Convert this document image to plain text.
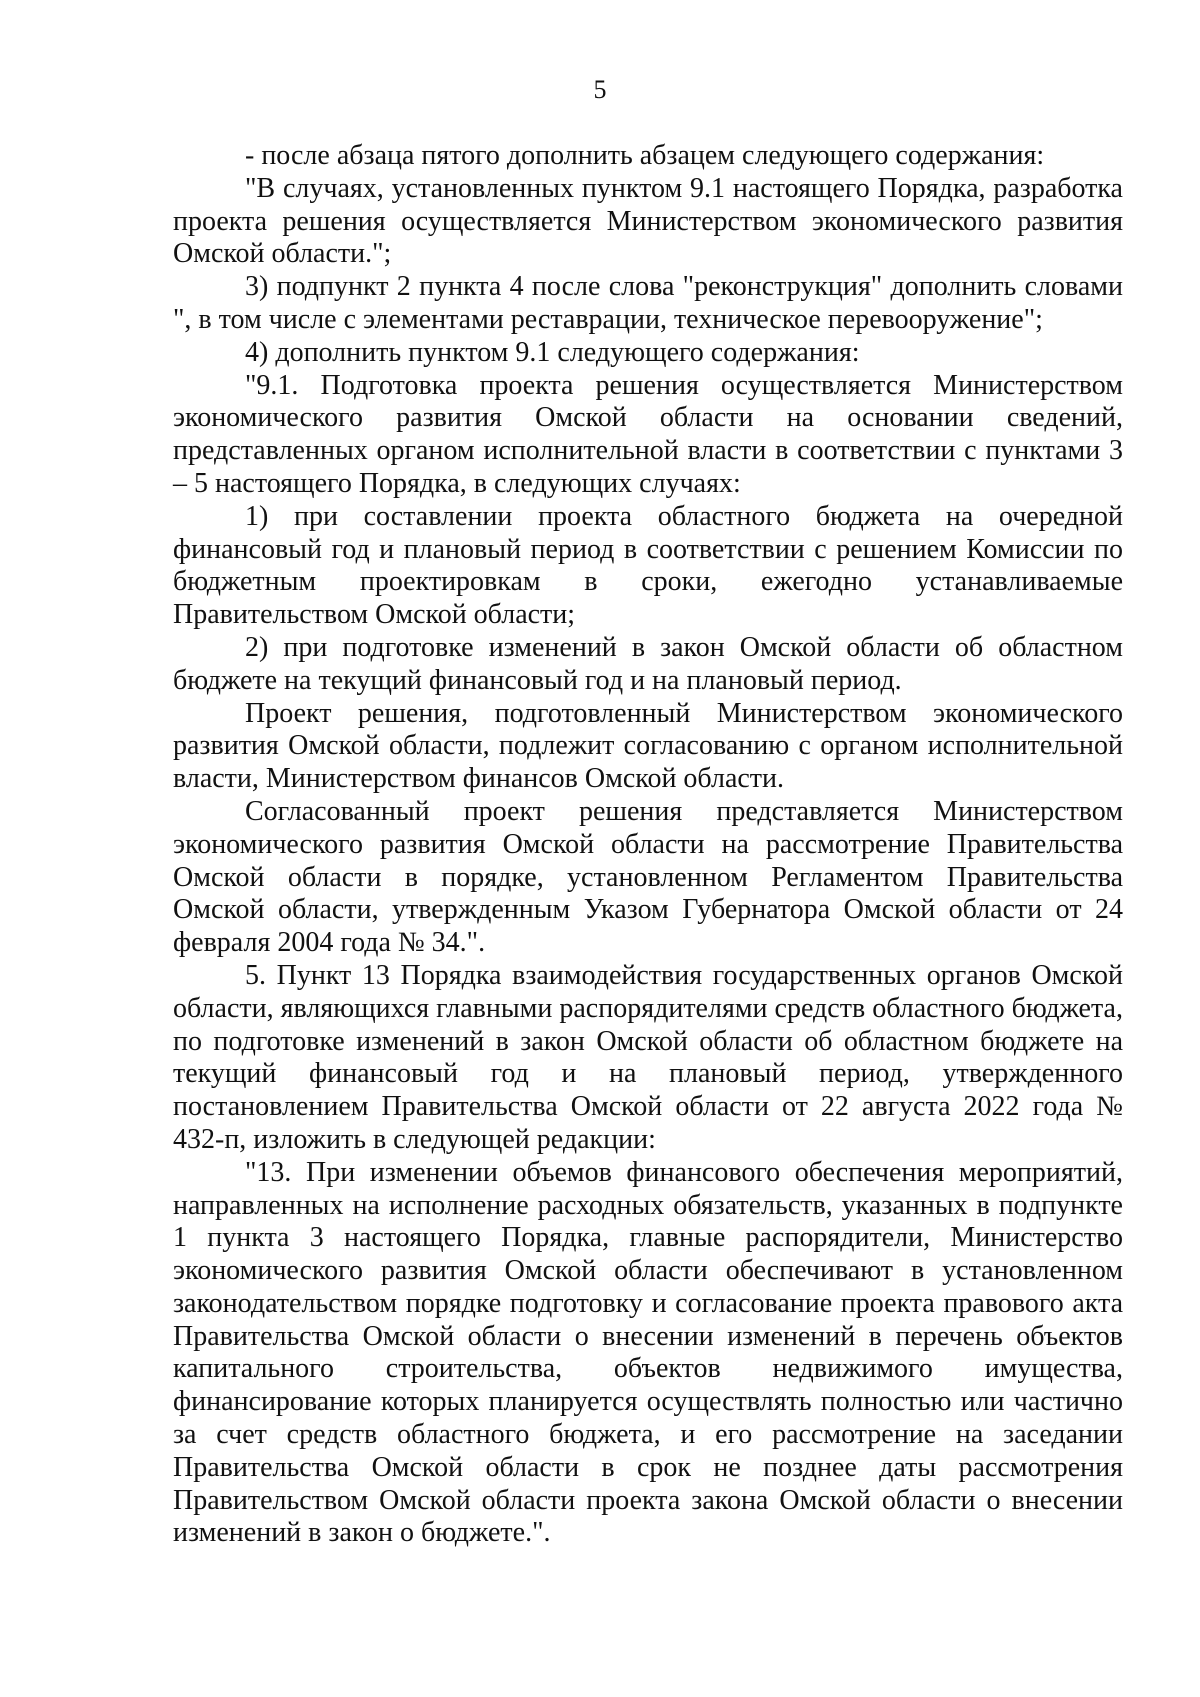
5

- после абзаца пятого дополнить абзацем следующего содержания:

"В случаях, установленных пунктом 9.1 настоящего Порядка, разработка проекта решения осуществляется Министерством экономического развития Омской области.";

3) подпункт 2 пункта 4 после слова "реконструкция" дополнить словами ", в том числе с элементами реставрации, техническое перевооружение";

4) дополнить пунктом 9.1 следующего содержания:

"9.1. Подготовка проекта решения осуществляется Министерством экономического развития Омской области на основании сведений, представленных органом исполнительной власти в соответствии с пунктами 3 – 5 настоящего Порядка, в следующих случаях:

1) при составлении проекта областного бюджета на очередной финансовый год и плановый период в соответствии с решением Комиссии по бюджетным проектировкам в сроки, ежегодно устанавливаемые Правительством Омской области;

2) при подготовке изменений в закон Омской области об областном бюджете на текущий финансовый год и на плановый период.

Проект решения, подготовленный Министерством экономического развития Омской области, подлежит согласованию с органом исполнительной власти, Министерством финансов Омской области.

Согласованный проект решения представляется Министерством экономического развития Омской области на рассмотрение Правительства Омской области в порядке, установленном Регламентом Правительства Омской области, утвержденным Указом Губернатора Омской области от 24 февраля 2004 года № 34.".

5. Пункт 13 Порядка взаимодействия государственных органов Омской области, являющихся главными распорядителями средств областного бюджета, по подготовке изменений в закон Омской области об областном бюджете на текущий финансовый год и на плановый период, утвержденного постановлением Правительства Омской области от 22 августа 2022 года № 432-п, изложить в следующей редакции:

"13. При изменении объемов финансового обеспечения мероприятий, направленных на исполнение расходных обязательств, указанных в подпункте 1 пункта 3 настоящего Порядка, главные распорядители, Министерство экономического развития Омской области обеспечивают в установленном законодательством порядке подготовку и согласование проекта правового акта Правительства Омской области о внесении изменений в перечень объектов капитального строительства, объектов недвижимого имущества, финансирование которых планируется осуществлять полностью или частично за счет средств областного бюджета, и его рассмотрение на заседании Правительства Омской области в срок не позднее даты рассмотрения Правительством Омской области проекта закона Омской области о внесении изменений в закон о бюджете.".
